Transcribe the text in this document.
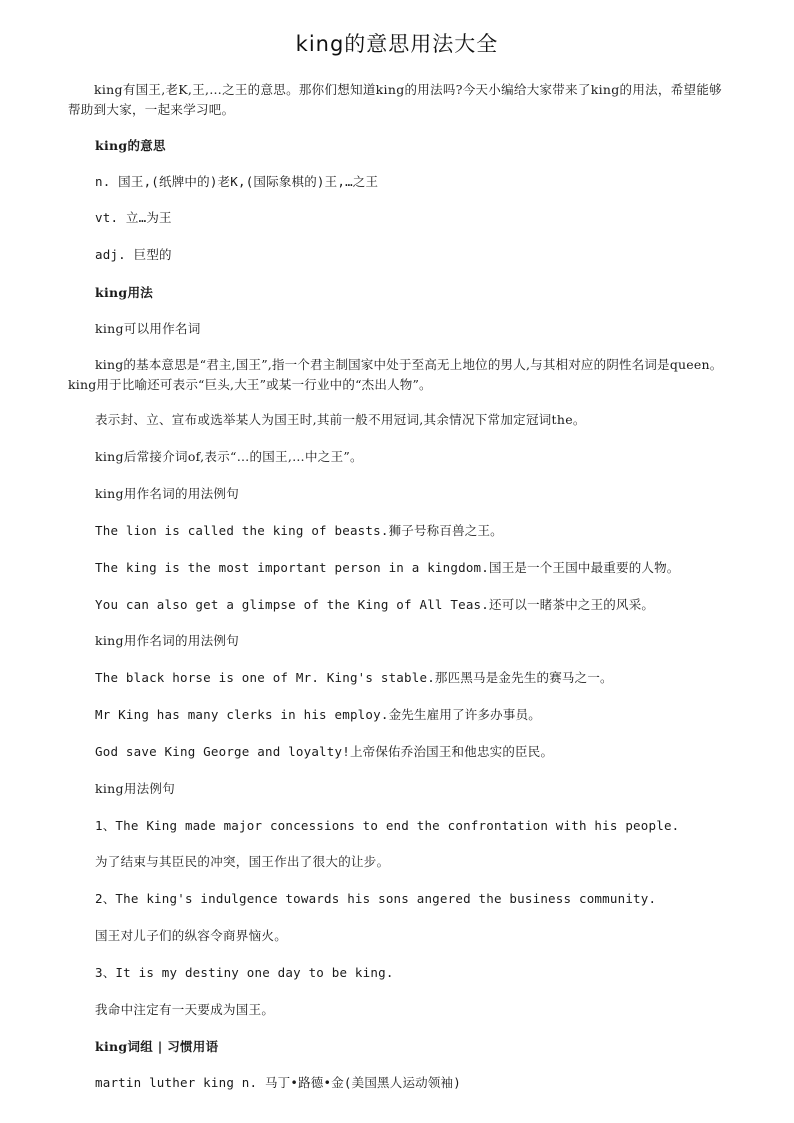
king的意思用法大全

king有国王,老K,王,…之王的意思。那你们想知道king的用法吗?今天小编给大家带来了king的用法，希望能够帮助到大家，一起来学习吧。

king的意思

n. 国王,(纸牌中的)老K,(国际象棋的)王,…之王

vt. 立…为王

adj. 巨型的

king用法

king可以用作名词

king的基本意思是“君主,国王”,指一个君主制国家中处于至高无上地位的男人,与其相对应的阴性名词是queen。king用于比喻还可表示“巨头,大王”或某一行业中的“杰出人物”。

表示封、立、宣布或选举某人为国王时,其前一般不用冠词,其余情况下常加定冠词the。

king后常接介词of,表示“…的国王,…中之王”。

king用作名词的用法例句

The lion is called the king of beasts.狮子号称百兽之王。

The king is the most important person in a kingdom.国王是一个王国中最重要的人物。

You can also get a glimpse of the King of All Teas.还可以一睹茶中之王的风采。

king用作名词的用法例句

The black horse is one of Mr. King's stable.那匹黑马是金先生的赛马之一。

Mr King has many clerks in his employ.金先生雇用了许多办事员。

God save King George and loyalty!上帝保佑乔治国王和他忠实的臣民。

king用法例句

1、The King made major concessions to end the confrontation with his people.

为了结束与其臣民的冲突，国王作出了很大的让步。

2、The king's indulgence towards his sons angered the business community.

国王对儿子们的纵容令商界恼火。

3、It is my destiny one day to be king.

我命中注定有一天要成为国王。

king词组 | 习惯用语

martin luther king n. 马丁•路德•金(美国黑人运动领袖)
